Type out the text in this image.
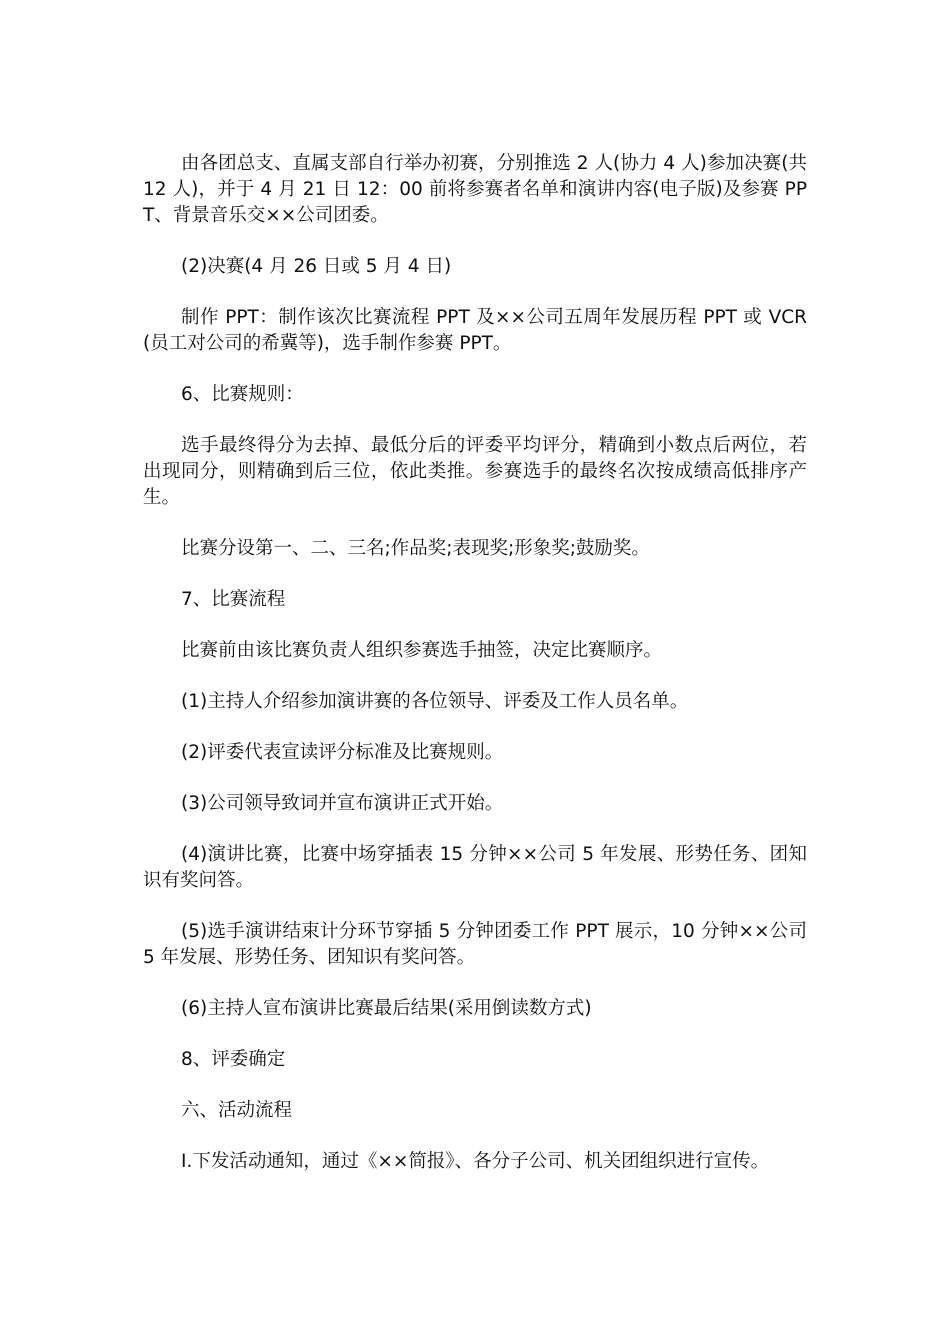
由各团总支、直属支部自行举办初赛，分别推选 2 人(协力 4 人)参加决赛(共 12 人)，并于 4 月 21 日 12：00 前将参赛者名单和演讲内容(电子版)及参赛 PPT、背景音乐交××公司团委。

(2)决赛(4 月 26 日或 5 月 4 日)

制作 PPT：制作该次比赛流程 PPT 及××公司五周年发展历程 PPT 或 VCR(员工对公司的希冀等)，选手制作参赛 PPT。

6、比赛规则：

选手最终得分为去掉、最低分后的评委平均评分，精确到小数点后两位，若出现同分，则精确到后三位，依此类推。参赛选手的最终名次按成绩高低排序产生。

比赛分设第一、二、三名;作品奖;表现奖;形象奖;鼓励奖。

7、比赛流程

比赛前由该比赛负责人组织参赛选手抽签，决定比赛顺序。

(1)主持人介绍参加演讲赛的各位领导、评委及工作人员名单。

(2)评委代表宣读评分标准及比赛规则。

(3)公司领导致词并宣布演讲正式开始。

(4)演讲比赛，比赛中场穿插表 15 分钟××公司 5 年发展、形势任务、团知识有奖问答。

(5)选手演讲结束计分环节穿插 5 分钟团委工作 PPT 展示，10 分钟××公司 5 年发展、形势任务、团知识有奖问答。

(6)主持人宣布演讲比赛最后结果(采用倒读数方式)

8、评委确定

六、活动流程

Ⅰ.下发活动通知，通过《××简报》、各分子公司、机关团组织进行宣传。
